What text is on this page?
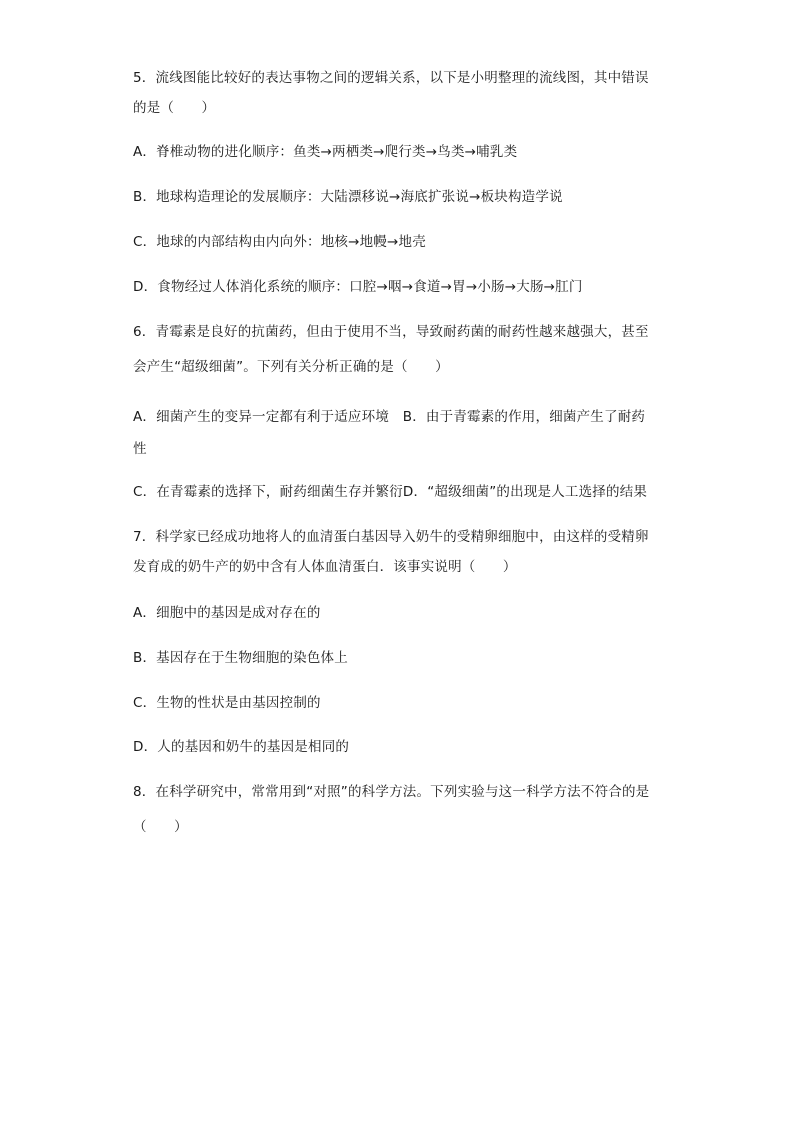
5．流线图能比较好的表达事物之间的逻辑关系，以下是小明整理的流线图，其中错误
的是（　　）
A．脊椎动物的进化顺序：鱼类→两栖类→爬行类→鸟类→哺乳类
B．地球构造理论的发展顺序：大陆漂移说→海底扩张说→板块构造学说
C．地球的内部结构由内向外：地核→地幔→地壳
D．食物经过人体消化系统的顺序：口腔→咽→食道→胃→小肠→大肠→肛门
6．青霉素是良好的抗菌药，但由于使用不当，导致耐药菌的耐药性越来越强大，甚至
会产生“超级细菌”。下列有关分析正确的是（　　）
A．细菌产生的变异一定都有利于适应环境　B．由于青霉素的作用，细菌产生了耐药
性
C．在青霉素的选择下，耐药细菌生存并繁衍D．“超级细菌”的出现是人工选择的结果
7．科学家已经成功地将人的血清蛋白基因导入奶牛的受精卵细胞中，由这样的受精卵
发育成的奶牛产的奶中含有人体血清蛋白．该事实说明（　　）
A．细胞中的基因是成对存在的
B．基因存在于生物细胞的染色体上
C．生物的性状是由基因控制的
D．人的基因和奶牛的基因是相同的
8．在科学研究中，常常用到“对照”的科学方法。下列实验与这一科学方法不符合的是
（　　）
